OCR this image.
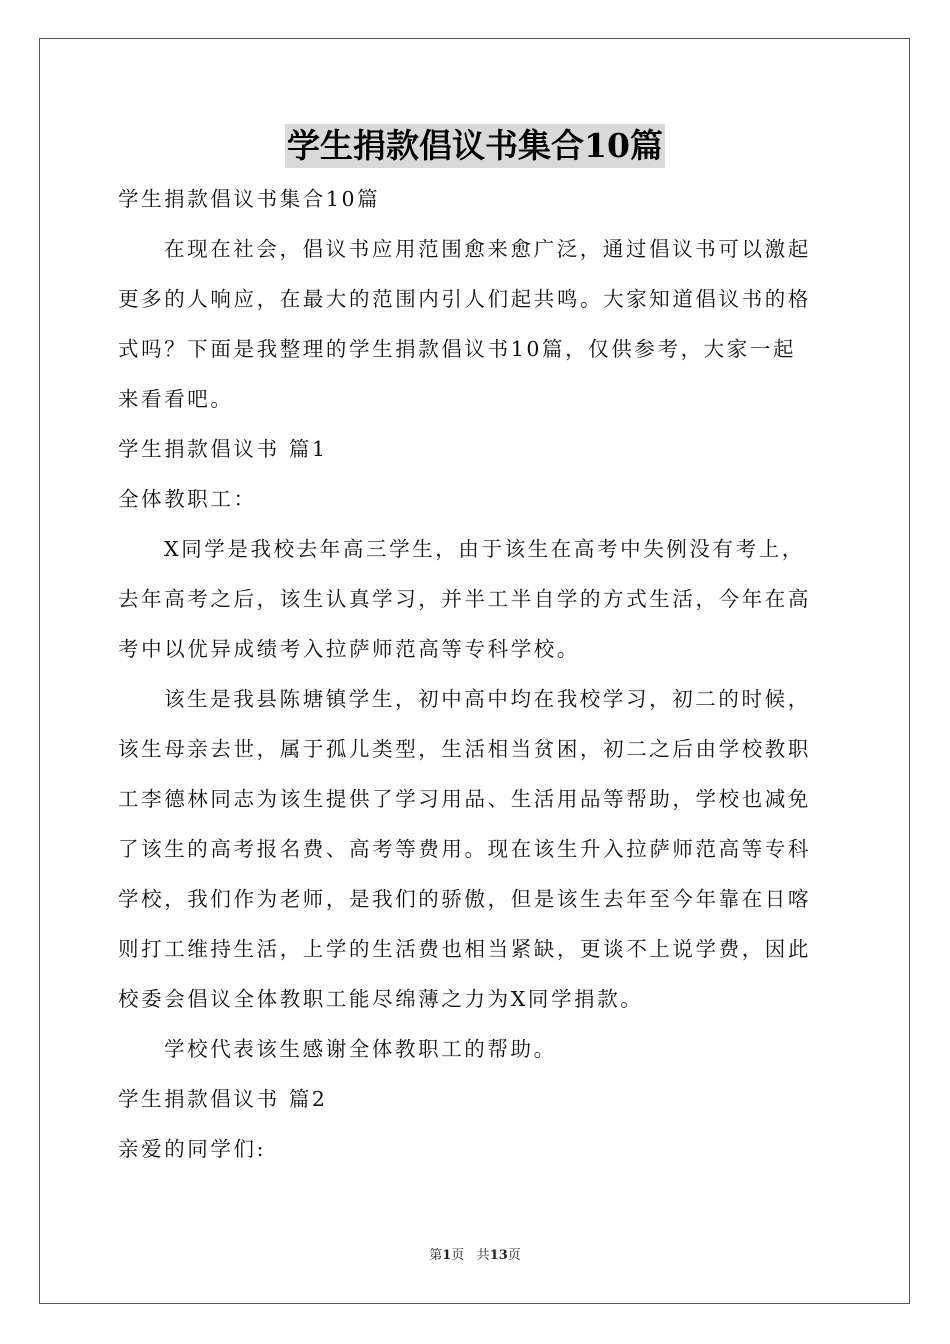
学生捐款倡议书集合10篇
学生捐款倡议书集合10篇
在现在社会，倡议书应用范围愈来愈广泛，通过倡议书可以激起
更多的人响应，在最大的范围内引人们起共鸣。大家知道倡议书的格
式吗？下面是我整理的学生捐款倡议书10篇，仅供参考，大家一起
来看看吧。
学生捐款倡议书 篇1
全体教职工：
X同学是我校去年高三学生，由于该生在高考中失例没有考上，
去年高考之后，该生认真学习，并半工半自学的方式生活，今年在高
考中以优异成绩考入拉萨师范高等专科学校。
该生是我县陈塘镇学生，初中高中均在我校学习，初二的时候，
该生母亲去世，属于孤儿类型，生活相当贫困，初二之后由学校教职
工李德林同志为该生提供了学习用品、生活用品等帮助，学校也减免
了该生的高考报名费、高考等费用。现在该生升入拉萨师范高等专科
学校，我们作为老师，是我们的骄傲，但是该生去年至今年靠在日喀
则打工维持生活，上学的生活费也相当紧缺，更谈不上说学费，因此
校委会倡议全体教职工能尽绵薄之力为X同学捐款。
学校代表该生感谢全体教职工的帮助。
学生捐款倡议书 篇2
亲爱的同学们:
第1页 共13页
